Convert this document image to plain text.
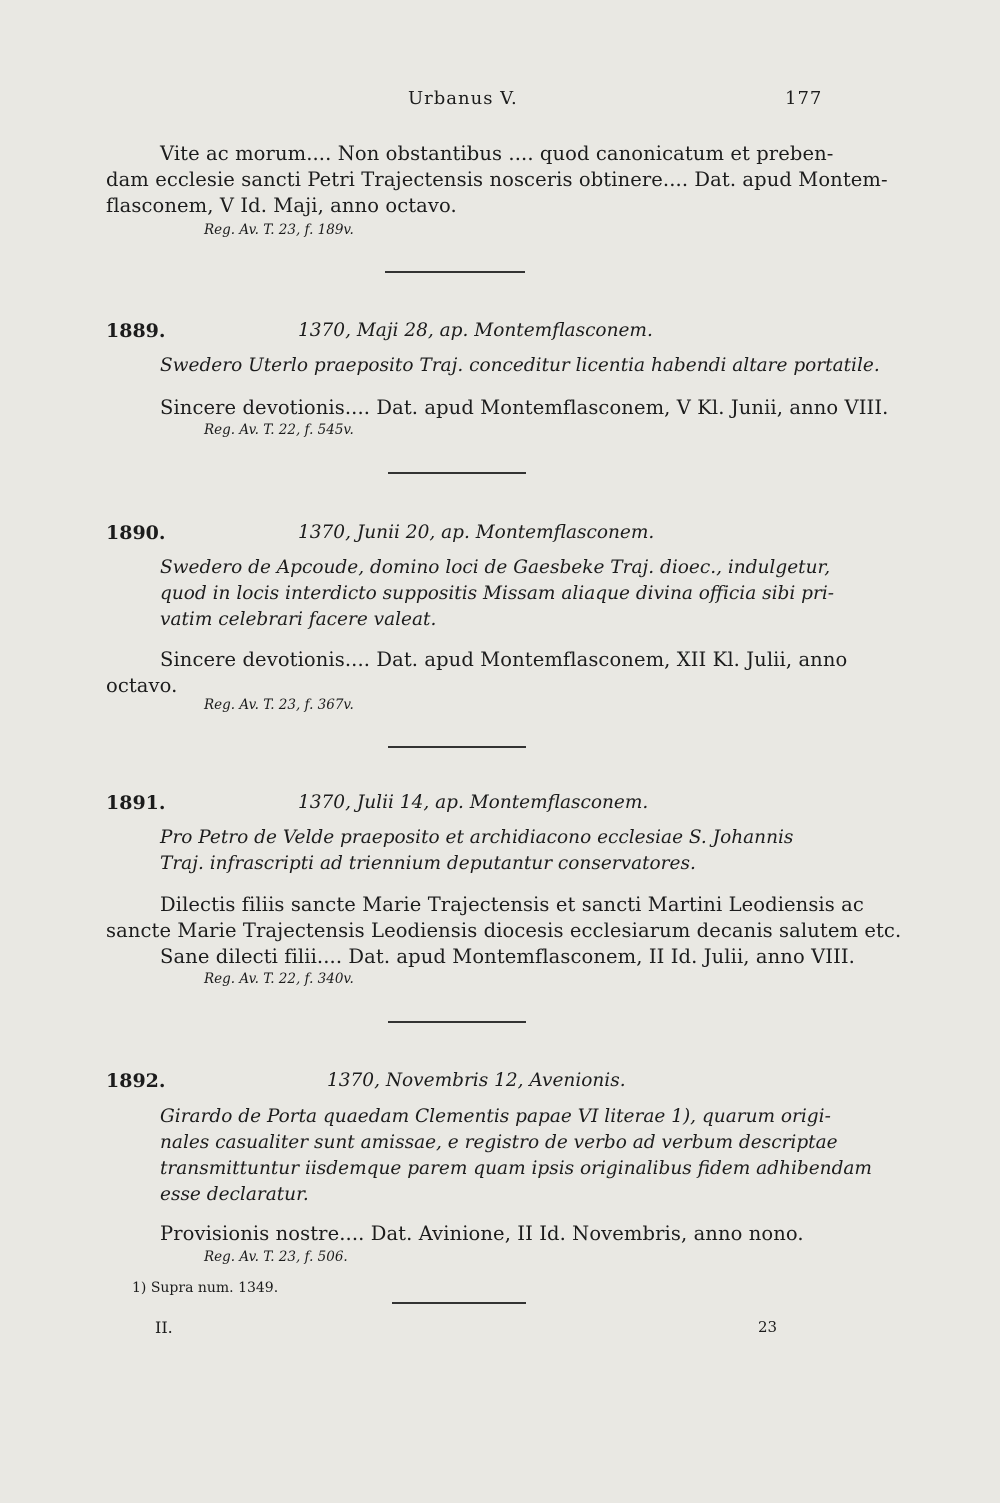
Urbanus V.	177
Vite ac morum.... Non obstantibus .... quod canonicatum et preben-
dam ecclesie sancti Petri Trajectensis nosceris obtinere.... Dat. apud Montem-
flasconem, V Id. Maji, anno octavo.
Reg. Av. T. 23, f. 189v.
1889.	1370, Maji 28, ap. Montemflasconem.
Swedero Uterlo praeposito Traj. conceditur licentia habendi altare portatile.
Sincere devotionis.... Dat. apud Montemflasconem, V Kl. Junii, anno VIII.
Reg. Av. T. 22, f. 545v.
1890.	1370, Junii 20, ap. Montemflasconem.
Swedero de Apcoude, domino loci de Gaesbeke Traj. dioec., indulgetur,
quod in locis interdicto suppositis Missam aliaque divina officia sibi pri-
vatim celebrari facere valeat.
Sincere devotionis.... Dat. apud Montemflasconem, XII Kl. Julii, anno
octavo.
Reg. Av. T. 23, f. 367v.
1891.	1370, Julii 14, ap. Montemflasconem.
Pro Petro de Velde praeposito et archidiacono ecclesiae S. Johannis
Traj. infrascripti ad triennium deputantur conservatores.
Dilectis filiis sancte Marie Trajectensis et sancti Martini Leodiensis ac
sancte Marie Trajectensis Leodiensis diocesis ecclesiarum decanis salutem etc.
Sane dilecti filii.... Dat. apud Montemflasconem, II Id. Julii, anno VIII.
Reg. Av. T. 22, f. 340v.
1892.	1370, Novembris 12, Avenionis.
Girardo de Porta quaedam Clementis papae VI literae 1), quarum origi-
nales casualiter sunt amissae, e registro de verbo ad verbum descriptae
transmittuntur iisdemque parem quam ipsis originalibus fidem adhibendam
esse declaratur.
Provisionis nostre.... Dat. Avinione, II Id. Novembris, anno nono.
Reg. Av. T. 23, f. 506.
1) Supra num. 1349.
II.	23
